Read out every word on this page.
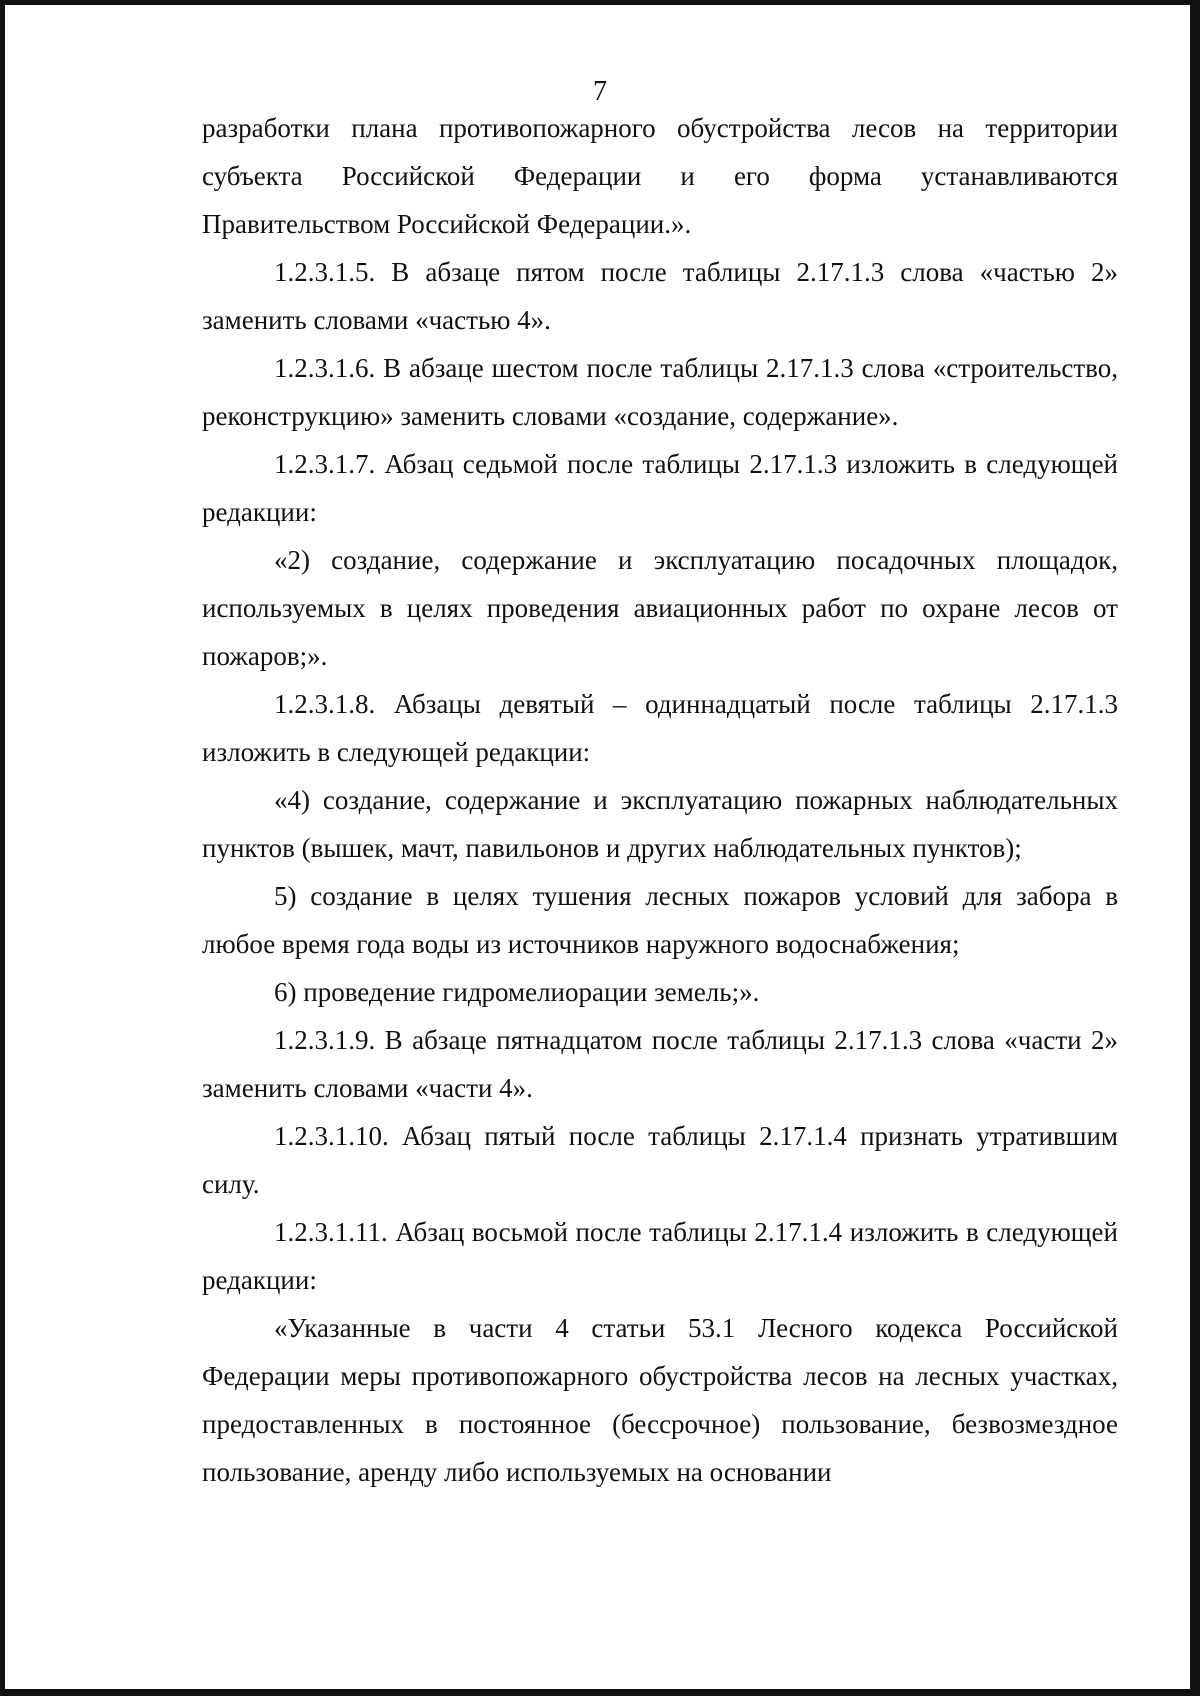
7

разработки плана противопожарного обустройства лесов на территории субъекта Российской Федерации и его форма устанавливаются Правительством Российской Федерации.».

1.2.3.1.5. В абзаце пятом после таблицы 2.17.1.3 слова «частью 2» заменить словами «частью 4».

1.2.3.1.6. В абзаце шестом после таблицы 2.17.1.3 слова «строительство, реконструкцию» заменить словами «создание, содержание».

1.2.3.1.7. Абзац седьмой после таблицы 2.17.1.3 изложить в следующей редакции:

«2) создание, содержание и эксплуатацию посадочных площадок, используемых в целях проведения авиационных работ по охране лесов от пожаров;».

1.2.3.1.8. Абзацы девятый – одиннадцатый после таблицы 2.17.1.3 изложить в следующей редакции:

«4) создание, содержание и эксплуатацию пожарных наблюдательных пунктов (вышек, мачт, павильонов и других наблюдательных пунктов);

5) создание в целях тушения лесных пожаров условий для забора в любое время года воды из источников наружного водоснабжения;

6) проведение гидромелиорации земель;».

1.2.3.1.9. В абзаце пятнадцатом после таблицы 2.17.1.3 слова «части 2» заменить словами «части 4».

1.2.3.1.10. Абзац пятый после таблицы 2.17.1.4 признать утратившим силу.

1.2.3.1.11. Абзац восьмой после таблицы 2.17.1.4 изложить в следующей редакции:

«Указанные в части 4 статьи 53.1 Лесного кодекса Российской Федерации меры противопожарного обустройства лесов на лесных участках, предоставленных в постоянное (бессрочное) пользование, безвозмездное пользование, аренду либо используемых на основании
